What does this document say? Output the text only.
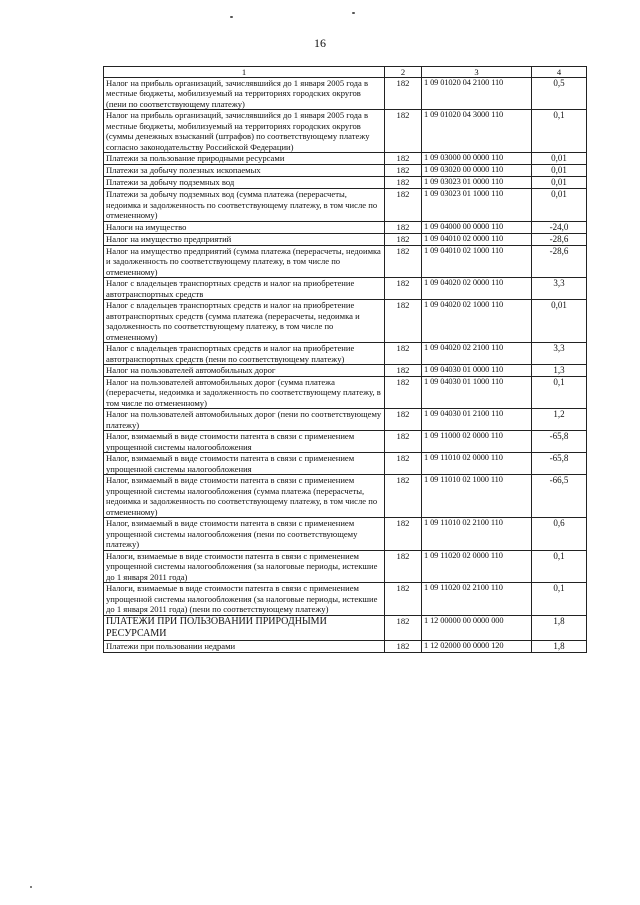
16
1	2	3	4
Налог на прибыль организаций, зачислявшийся до 1 января 2005 года в местные бюджеты, мобилизуемый на территориях городских округов (пени по соответствующему платежу)	182	1 09 01020 04 2100 110	0,5
Налог на прибыль организаций, зачислявшийся до 1 января 2005 года в местные бюджеты, мобилизуемый на территориях городских округов (суммы денежных взысканий (штрафов) по соответствующему платежу согласно законодательству Российской Федерации)	182	1 09 01020 04 3000 110	0,1
Платежи за пользование природными ресурсами	182	1 09 03000 00 0000 110	0,01
Платежи за добычу полезных ископаемых	182	1 09 03020 00 0000 110	0,01
Платежи за добычу подземных вод	182	1 09 03023 01 0000 110	0,01
Платежи за добычу подземных вод (сумма платежа (перерасчеты, недоимка и задолженность по соответствующему платежу, в том числе по отмененному)	182	1 09 03023 01 1000 110	0,01
Налоги на имущество	182	1 09 04000 00 0000 110	-24,0
Налог на имущество предприятий	182	1 09 04010 02 0000 110	-28,6
Налог на имущество предприятий (сумма платежа (перерасчеты, недоимка и задолженность по соответствующему платежу, в том числе по отмененному)	182	1 09 04010 02 1000 110	-28,6
Налог с владельцев транспортных средств и налог на приобретение автотранспортных средств	182	1 09 04020 02 0000 110	3,3
Налог с владельцев транспортных средств и налог на приобретение автотранспортных средств (сумма платежа (перерасчеты, недоимка и задолженность по соответствующему платежу, в том числе по отмененному)	182	1 09 04020 02 1000 110	0,01
Налог с владельцев транспортных средств и налог на приобретение автотранспортных средств (пени по соответствующему платежу)	182	1 09 04020 02 2100 110	3,3
Налог на пользователей автомобильных дорог	182	1 09 04030 01 0000 110	1,3
Налог на пользователей автомобильных дорог (сумма платежа (перерасчеты, недоимка и задолженность по соответствующему платежу, в том числе по отмененному)	182	1 09 04030 01 1000 110	0,1
Налог на пользователей автомобильных дорог (пени по соответствующему платежу)	182	1 09 04030 01 2100 110	1,2
Налог, взимаемый в виде стоимости патента в связи с применением упрощенной системы налогообложения	182	1 09 11000 02 0000 110	-65,8
Налог, взимаемый в виде стоимости патента в связи с применением упрощенной системы налогообложения	182	1 09 11010 02 0000 110	-65,8
Налог, взимаемый в виде стоимости патента в связи с применением упрощенной системы налогообложения (сумма платежа (перерасчеты, недоимка и задолженность по соответствующему платежу, в том числе по отмененному)	182	1 09 11010 02 1000 110	-66,5
Налог, взимаемый в виде стоимости патента в связи с применением упрощенной системы налогообложения (пени по соответствующему платежу)	182	1 09 11010 02 2100 110	0,6
Налоги, взимаемые в виде стоимости патента в связи с применением упрощенной системы налогообложения (за налоговые периоды, истекшие до 1 января 2011 года)	182	1 09 11020 02 0000 110	0,1
Налоги, взимаемые в виде стоимости патента в связи с применением упрощенной системы налогообложения (за налоговые периоды, истекшие до 1 января 2011 года) (пени по соответствующему платежу)	182	1 09 11020 02 2100 110	0,1
ПЛАТЕЖИ ПРИ ПОЛЬЗОВАНИИ ПРИРОДНЫМИ РЕСУРСАМИ	182	1 12 00000 00 0000 000	1,8
Платежи при пользовании недрами	182	1 12 02000 00 0000 120	1,8
